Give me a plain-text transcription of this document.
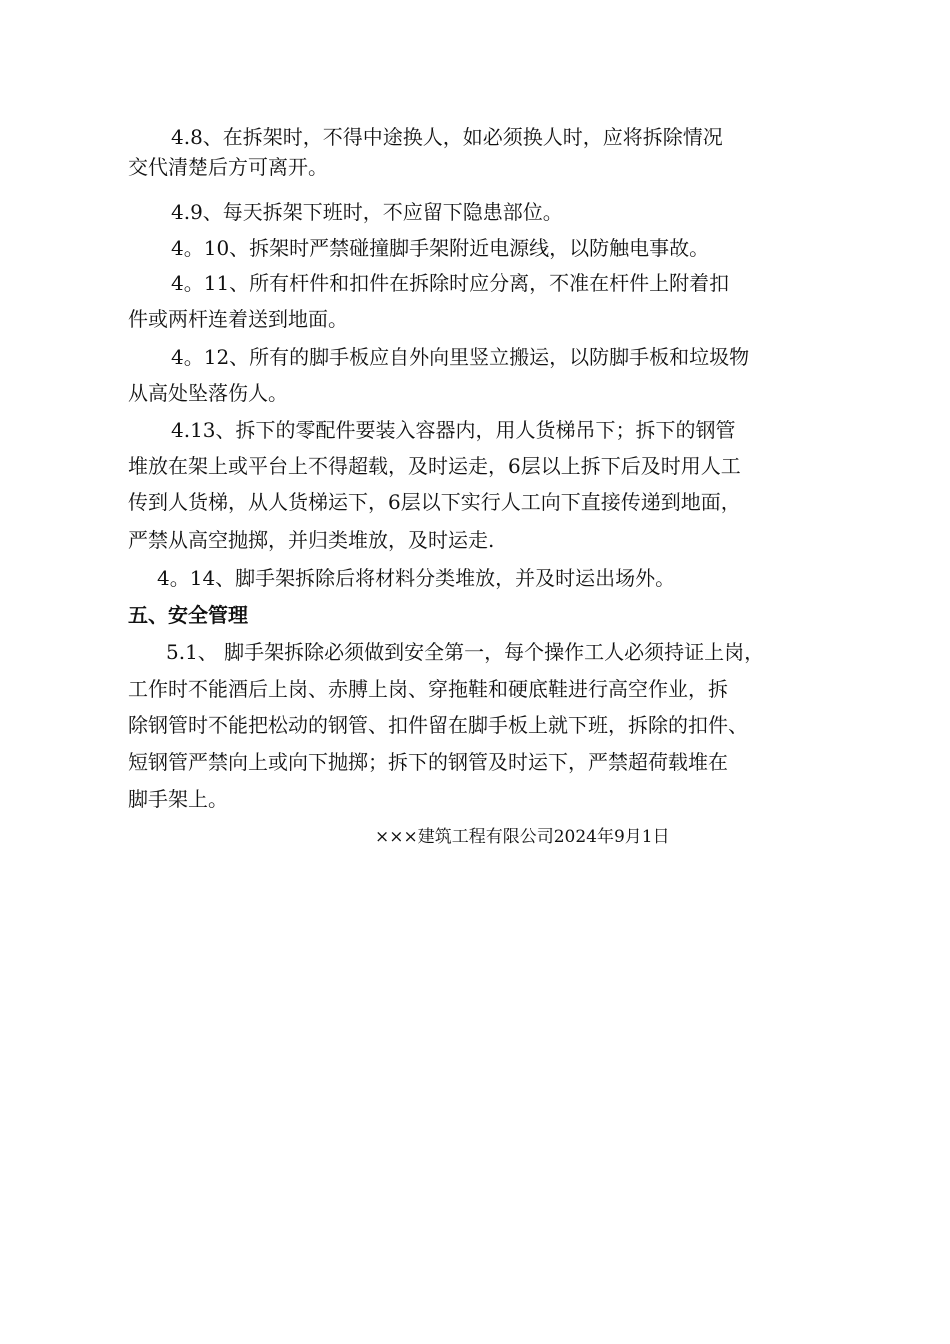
4.8、在拆架时，不得中途换人，如必须换人时，应将拆除情况
交代清楚后方可离开。
4.9、每天拆架下班时，不应留下隐患部位。
4。10、拆架时严禁碰撞脚手架附近电源线，以防触电事故。
4。11、所有杆件和扣件在拆除时应分离，不准在杆件上附着扣
件或两杆连着送到地面。
4。12、所有的脚手板应自外向里竖立搬运，以防脚手板和垃圾物
从高处坠落伤人。
4.13、拆下的零配件要装入容器内，用人货梯吊下；拆下的钢管
堆放在架上或平台上不得超载，及时运走，6层以上拆下后及时用人工
传到人货梯，从人货梯运下，6层以下实行人工向下直接传递到地面，
严禁从高空抛掷，并归类堆放，及时运走.
4。14、脚手架拆除后将材料分类堆放，并及时运出场外。
五、安全管理
5.1、 脚手架拆除必须做到安全第一，每个操作工人必须持证上岗，
工作时不能酒后上岗、赤膊上岗、穿拖鞋和硬底鞋进行高空作业，拆
除钢管时不能把松动的钢管、扣件留在脚手板上就下班，拆除的扣件、
短钢管严禁向上或向下抛掷；拆下的钢管及时运下，严禁超荷载堆在
脚手架上。
×××建筑工程有限公司2024年9月1日
